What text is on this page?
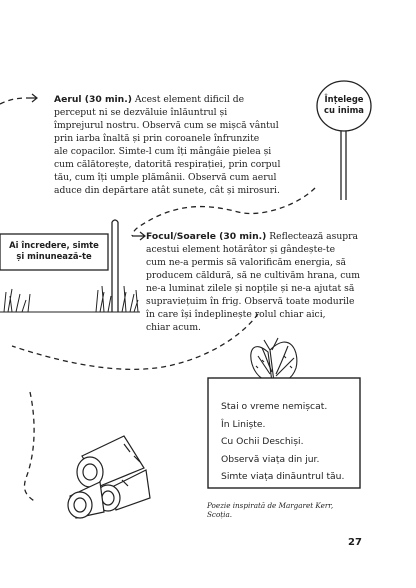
Aerul (30 min.) Acest element dificil de
perceput ni se dezvăluie înlăuntrul și
împrejurul nostru. Observă cum se mișcă vântul
prin iarba înaltă și prin coroanele înfrunzite
ale copacilor. Simte-l cum îți mângâie pielea și
cum călătorește, datorită respirației, prin corpul
tău, cum îți umple plămânii. Observă cum aerul
aduce din depărtare atât sunete, cât și mirosuri.

Înțelege
cu inima
Ai încredere, simte
și minunează-te

Focul/Soarele (30 min.) Reflectează asupra
acestui element hotărâtor și gândește-te
cum ne-a permis să valorificăm energia, să
producem căldură, să ne cultivăm hrana, cum
ne-a luminat zilele și nopțile și ne-a ajutat să
supraviețuim în frig. Observă toate modurile
în care își îndeplinește rolul chiar aici,
chiar acum.

Stai o vreme nemișcat.
În Liniște.
Cu Ochii Deschiși.
Observă viața din jur.
Simte viața dinăuntrul tău.
Poezie inspirată de Margaret Kerr, Scoția.
27
